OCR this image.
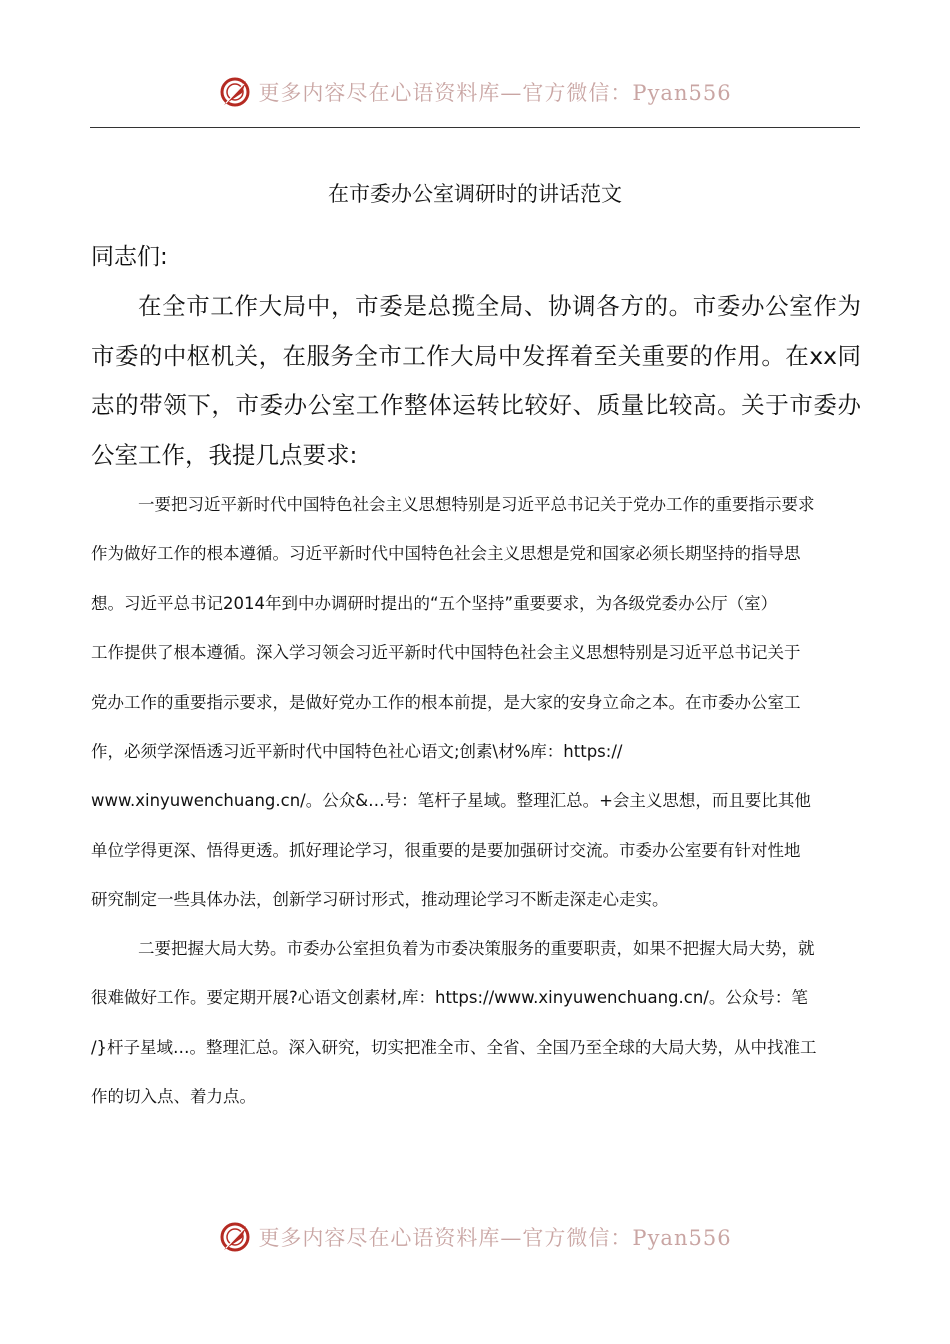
更多内容尽在心语资料库—官方微信：Pyan556
在市委办公室调研时的讲话范文
同志们:

在全市工作大局中，市委是总揽全局、协调各方的。市委办公室作为市委的中枢机关，在服务全市工作大局中发挥着至关重要的作用。在xx同志的带领下，市委办公室工作整体运转比较好、质量比较高。关于市委办公室工作，我提几点要求:

一要把习近平新时代中国特色社会主义思想特别是习近平总书记关于党办工作的重要指示要求
作为做好工作的根本遵循。习近平新时代中国特色社会主义思想是党和国家必须长期坚持的指导思
想。习近平总书记2014年到中办调研时提出的“五个坚持”重要要求，为各级党委办公厅（室）
工作提供了根本遵循。深入学习领会习近平新时代中国特色社会主义思想特别是习近平总书记关于
党办工作的重要指示要求，是做好党办工作的根本前提，是大家的安身立命之本。在市委办公室工
作，必须学深悟透习近平新时代中国特色社心语文;创素\材%库：https://
www.xinyuwenchuang.cn/。公众&…号：笔杆子星域。整理汇总。+会主义思想，而且要比其他
单位学得更深、悟得更透。抓好理论学习，很重要的是要加强研讨交流。市委办公室要有针对性地
研究制定一些具体办法，创新学习研讨形式，推动理论学习不断走深走心走实。
二要把握大局大势。市委办公室担负着为市委决策服务的重要职责，如果不把握大局大势，就
很难做好工作。要定期开展?心语文创素材,库：https://www.xinyuwenchuang.cn/。公众号：笔
/}杆子星域…。整理汇总。深入研究，切实把准全市、全省、全国乃至全球的大局大势，从中找准工
作的切入点、着力点。
更多内容尽在心语资料库—官方微信：Pyan556
